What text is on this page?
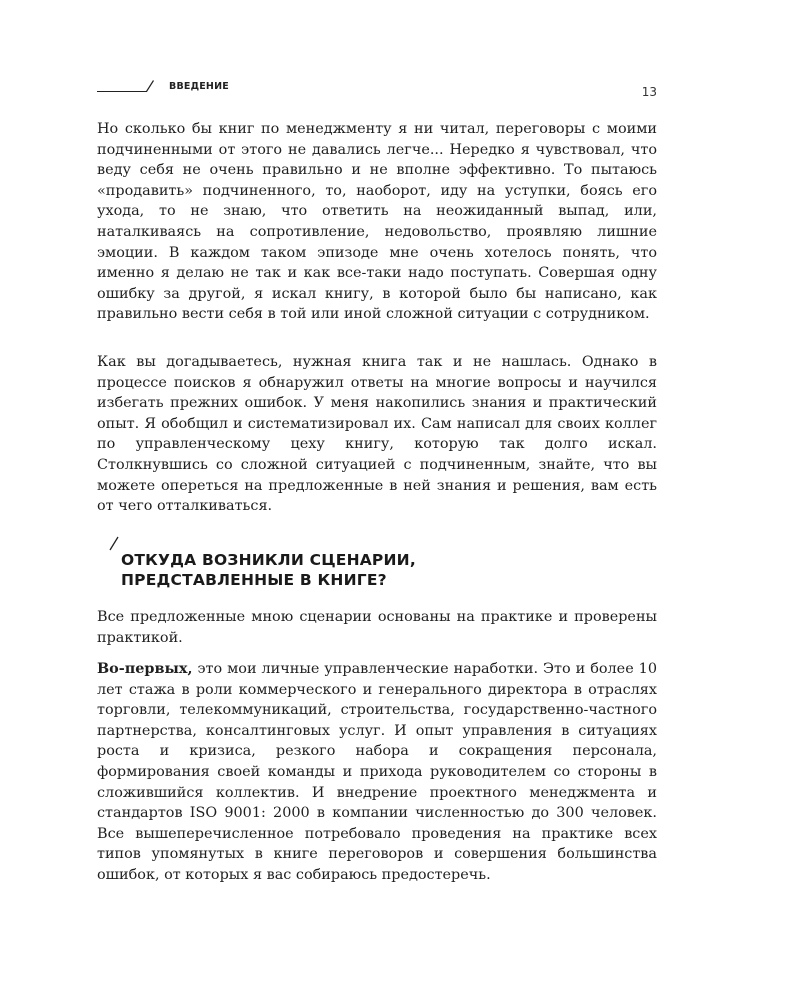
ВВЕДЕНИЕ	13

Но сколько бы книг по менеджменту я ни читал, переговоры с моими подчиненными от этого не давались легче... Нередко я чувствовал, что веду себя не очень правильно и не вполне эффективно. То пытаюсь «продавить» подчиненного, то, наоборот, иду на уступки, боясь его ухода, то не знаю, что ответить на неожиданный выпад, или, наталкиваясь на сопротивление, недовольство, проявляю лишние эмоции. В каждом таком эпизоде мне очень хотелось понять, что именно я делаю не так и как все-таки надо поступать. Совершая одну ошибку за другой, я искал книгу, в которой было бы написано, как правильно вести себя в той или иной сложной ситуации с сотрудником.

Как вы догадываетесь, нужная книга так и не нашлась. Однако в процессе поисков я обнаружил ответы на многие вопросы и научился избегать прежних ошибок. У меня накопились знания и практический опыт. Я обобщил и систематизировал их. Сам написал для своих коллег по управленческому цеху книгу, которую так долго искал. Столкнувшись со сложной ситуацией с подчиненным, знайте, что вы можете опереться на предложенные в ней знания и решения, вам есть от чего отталкиваться.

ОТКУДА ВОЗНИКЛИ СЦЕНАРИИ,
ПРЕДСТАВЛЕННЫЕ В КНИГЕ?

Все предложенные мною сценарии основаны на практике и проверены практикой.

Во-первых, это мои личные управленческие наработки. Это и более 10 лет стажа в роли коммерческого и генерального директора в отраслях торговли, телекоммуникаций, строительства, государственно-частного партнерства, консалтинговых услуг. И опыт управления в ситуациях роста и кризиса, резкого набора и сокращения персонала, формирования своей команды и прихода руководителем со стороны в сложившийся коллектив. И внедрение проектного менеджмента и стандартов ISO 9001: 2000 в компании численностью до 300 человек. Все вышеперечисленное потребовало проведения на практике всех типов упомянутых в книге переговоров и совершения большинства ошибок, от которых я вас собираюсь предостеречь.
